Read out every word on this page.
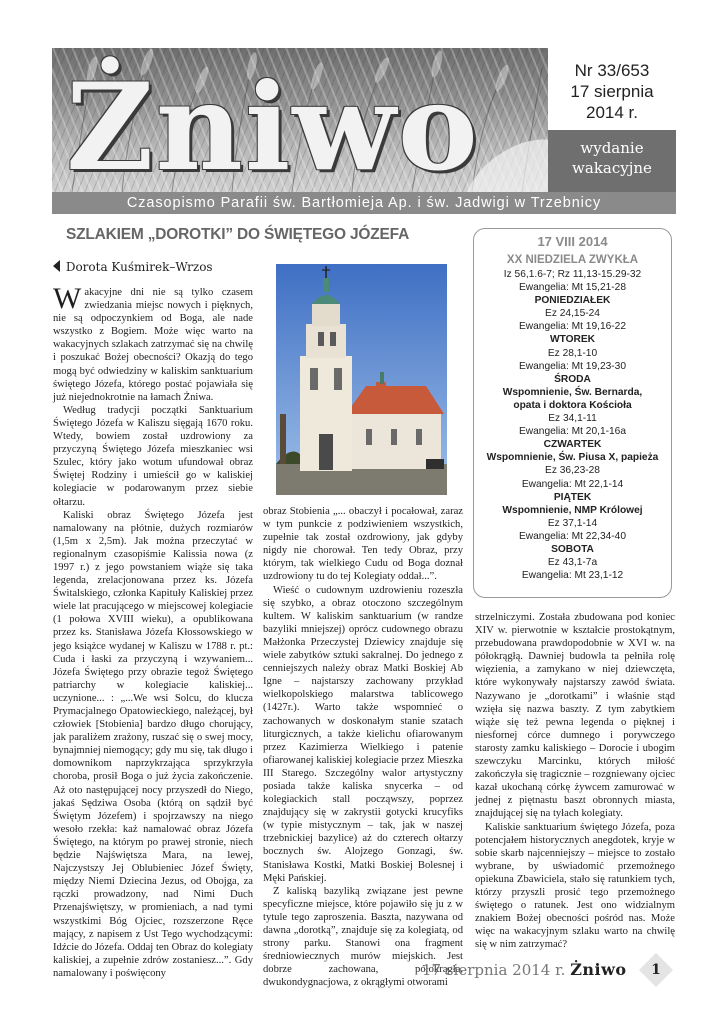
Żniwo	Nr 33/653
17 sierpnia
2014 r.
wydanie
wakacyjne
Czasopismo Parafii św. Bartłomieja Ap. i św. Jadwigi w Trzebnicy
SZLAKIEM „DOROTKI” DO ŚWIĘTEGO JÓZEFA
Dorota Kuśmirek–Wrzos

Wakacyjne dni nie są tylko czasem zwiedzania miejsc nowych i pięknych, nie są odpoczynkiem od Boga, ale nade wszystko z Bogiem. Może więc warto na wakacyjnych szlakach zatrzymać się na chwilę i poszukać Bożej obecności? Okazją do tego mogą być odwiedziny w kaliskim sanktuarium świętego Józefa, którego postać pojawiała się już niejednokrotnie na łamach Żniwa.

Według tradycji początki Sanktuarium Świętego Józefa w Kaliszu sięgają 1670 roku. Wtedy, bowiem został uzdrowiony za przyczyną Świętego Józefa mieszkaniec wsi Szulec, który jako wotum ufundował obraz Świętej Rodziny i umieścił go w kaliskiej kolegiacie w podarowanym przez siebie ołtarzu.

Kaliski obraz Świętego Józefa jest namalowany na płótnie, dużych rozmiarów (1,5m x 2,5m). Jak można przeczytać w regionalnym czasopiśmie Kalissia nowa (z 1997 r.) z jego powstaniem wiąże się taka legenda, zrelacjonowana przez ks. Józefa Świtalskiego, członka Kapituły Kaliskiej przez wiele lat pracującego w miejscowej kolegiacie (1 połowa XVIII wieku), a opublikowana przez ks. Stanisława Józefa Kłossowskiego w jego książce wydanej w Kaliszu w 1788 r. pt.: Cuda i łaski za przyczyną i wzywaniem... Józefa Świętego przy obrazie tegoż Świętego patriarchy w kolegiacie kaliskiej... uczynione... : „...We wsi Solcu, do klucza Prymacjalnego Opatowieckiego, należącej, był człowiek [Stobienia] bardzo długo chorujący, jak paraliżem zrażony, ruszać się o swej mocy, bynajmniej niemogący; gdy mu się, tak długo i domownikom naprzykrzająca sprzykrzyła choroba, prosił Boga o już życia zakończenie. Aż oto następującej nocy przyszedł do Niego, jakaś Sędziwa Osoba (którą on sądził być Świętym Józefem) i spojrzawszy na niego wesoło rzekła: każ namalować obraz Józefa Świętego, na którym po prawej stronie, niech będzie Najświętsza Mara, na lewej, Najczystszy Jej Oblubieniec Józef Święty, między Niemi Dziecina Jezus, od Obojga, za rączki prowadzony, nad Nimi Duch Przenajświętszy, w promieniach, a nad tymi wszystkimi Bóg Ojciec, rozszerzone Ręce mający, z napisem z Ust Tego wychodzącymi: Idźcie do Józefa. Oddaj ten Obraz do kolegiaty kaliskiej, a zupełnie zdrów zostaniesz...”. Gdy namalowany i poświęcony

17 VIII 2014
XX NIEDZIELA ZWYKŁA
Iz 56,1.6-7; Rz 11,13-15.29-32
Ewangelia: Mt 15,21-28
PONIEDZIAŁEK
Ez 24,15-24
Ewangelia: Mt 19,16-22
WTOREK
Ez 28,1-10
Ewangelia: Mt 19,23-30
ŚRODA
Wspomnienie, Św. Bernarda, opata i doktora Kościoła
Ez 34,1-11
Ewangelia: Mt 20,1-16a
CZWARTEK
Wspomnienie, Św. Piusa X, papieża
Ez 36,23-28
Ewangelia: Mt 22,1-14
PIĄTEK
Wspomnienie, NMP Królowej
Ez 37,1-14
Ewangelia: Mt 22,34-40
SOBOTA
Ez 43,1-7a
Ewangelia: Mt 23,1-12

obraz Stobienia „... obaczył i pocałował, zaraz w tym punkcie z podziwieniem wszystkich, zupełnie tak został ozdrowiony, jak gdyby nigdy nie chorował. Ten tedy Obraz, przy którym, tak wielkiego Cudu od Boga doznał uzdrowiony tu do tej Kolegiaty oddał...”.

Wieść o cudownym uzdrowieniu rozeszła się szybko, a obraz otoczono szczególnym kultem. W kaliskim sanktuarium (w randze bazyliki mniejszej) oprócz cudownego obrazu Małżonka Przeczystej Dziewicy znajduje się wiele zabytków sztuki sakralnej. Do jednego z cenniejszych należy obraz Matki Boskiej Ab Igne – najstarszy zachowany przykład wielkopolskiego malarstwa tablicowego (1427r.). Warto także wspomnieć o zachowanych w doskonałym stanie szatach liturgicznych, a także kielichu ofiarowanym przez Kazimierza Wielkiego i patenie ofiarowanej kaliskiej kolegiacie przez Mieszka III Starego. Szczególny walor artystyczny posiada także kaliska snycerka – od kolegiackich stall począwszy, poprzez znajdujący się w zakrystii gotycki krucyfiks (w typie mistycznym – tak, jak w naszej trzebnickiej bazylice) aż do czterech ołtarzy bocznych św. Alojzego Gonzagi, św. Stanisława Kostki, Matki Boskiej Bolesnej i Męki Pańskiej.

Z kaliską bazyliką związane jest pewne specyficzne miejsce, które pojawiło się ju z w tytule tego zaproszenia. Baszta, nazywana od dawna „dorotką”, znajduje się za kolegiatą, od strony parku. Stanowi ona fragment średniowiecznych murów miejskich. Jest dobrze zachowana, półokrągła, dwukondygnacjowa, z okrągłymi otworami

strzelniczymi. Została zbudowana pod koniec XIV w. pierwotnie w kształcie prostokątnym, przebudowana prawdopodobnie w XVI w. na półokrągłą. Dawniej budowla ta pełniła rolę więzienia, a zamykano w niej dziewczęta, które wykonywały najstarszy zawód świata. Nazywano je „dorotkami” i właśnie stąd wzięła się nazwa baszty. Z tym zabytkiem wiąże się też pewna legenda o pięknej i niesfornej córce dumnego i porywczego starosty zamku kaliskiego – Dorocie i ubogim szewczyku Marcinku, których miłość zakończyła się tragicznie – rozgniewany ojciec kazał ukochaną córkę żywcem zamurować w jednej z piętnastu baszt obronnych miasta, znajdującej się na tyłach kolegiaty.

Kaliskie sanktuarium świętego Józefa, poza potencjałem historycznych anegdotek, kryje w sobie skarb najcenniejszy – miejsce to zostało wybrane, by uświadomić przemożnego opiekuna Zbawiciela, stało się ratunkiem tych, którzy przyszli prosić tego przemożnego świętego o ratunek. Jest ono widzialnym znakiem Bożej obecności pośród nas. Może więc na wakacyjnym szlaku warto na chwilę się w nim zatrzymać?

17 sierpnia 2014 r. Żniwo	1
